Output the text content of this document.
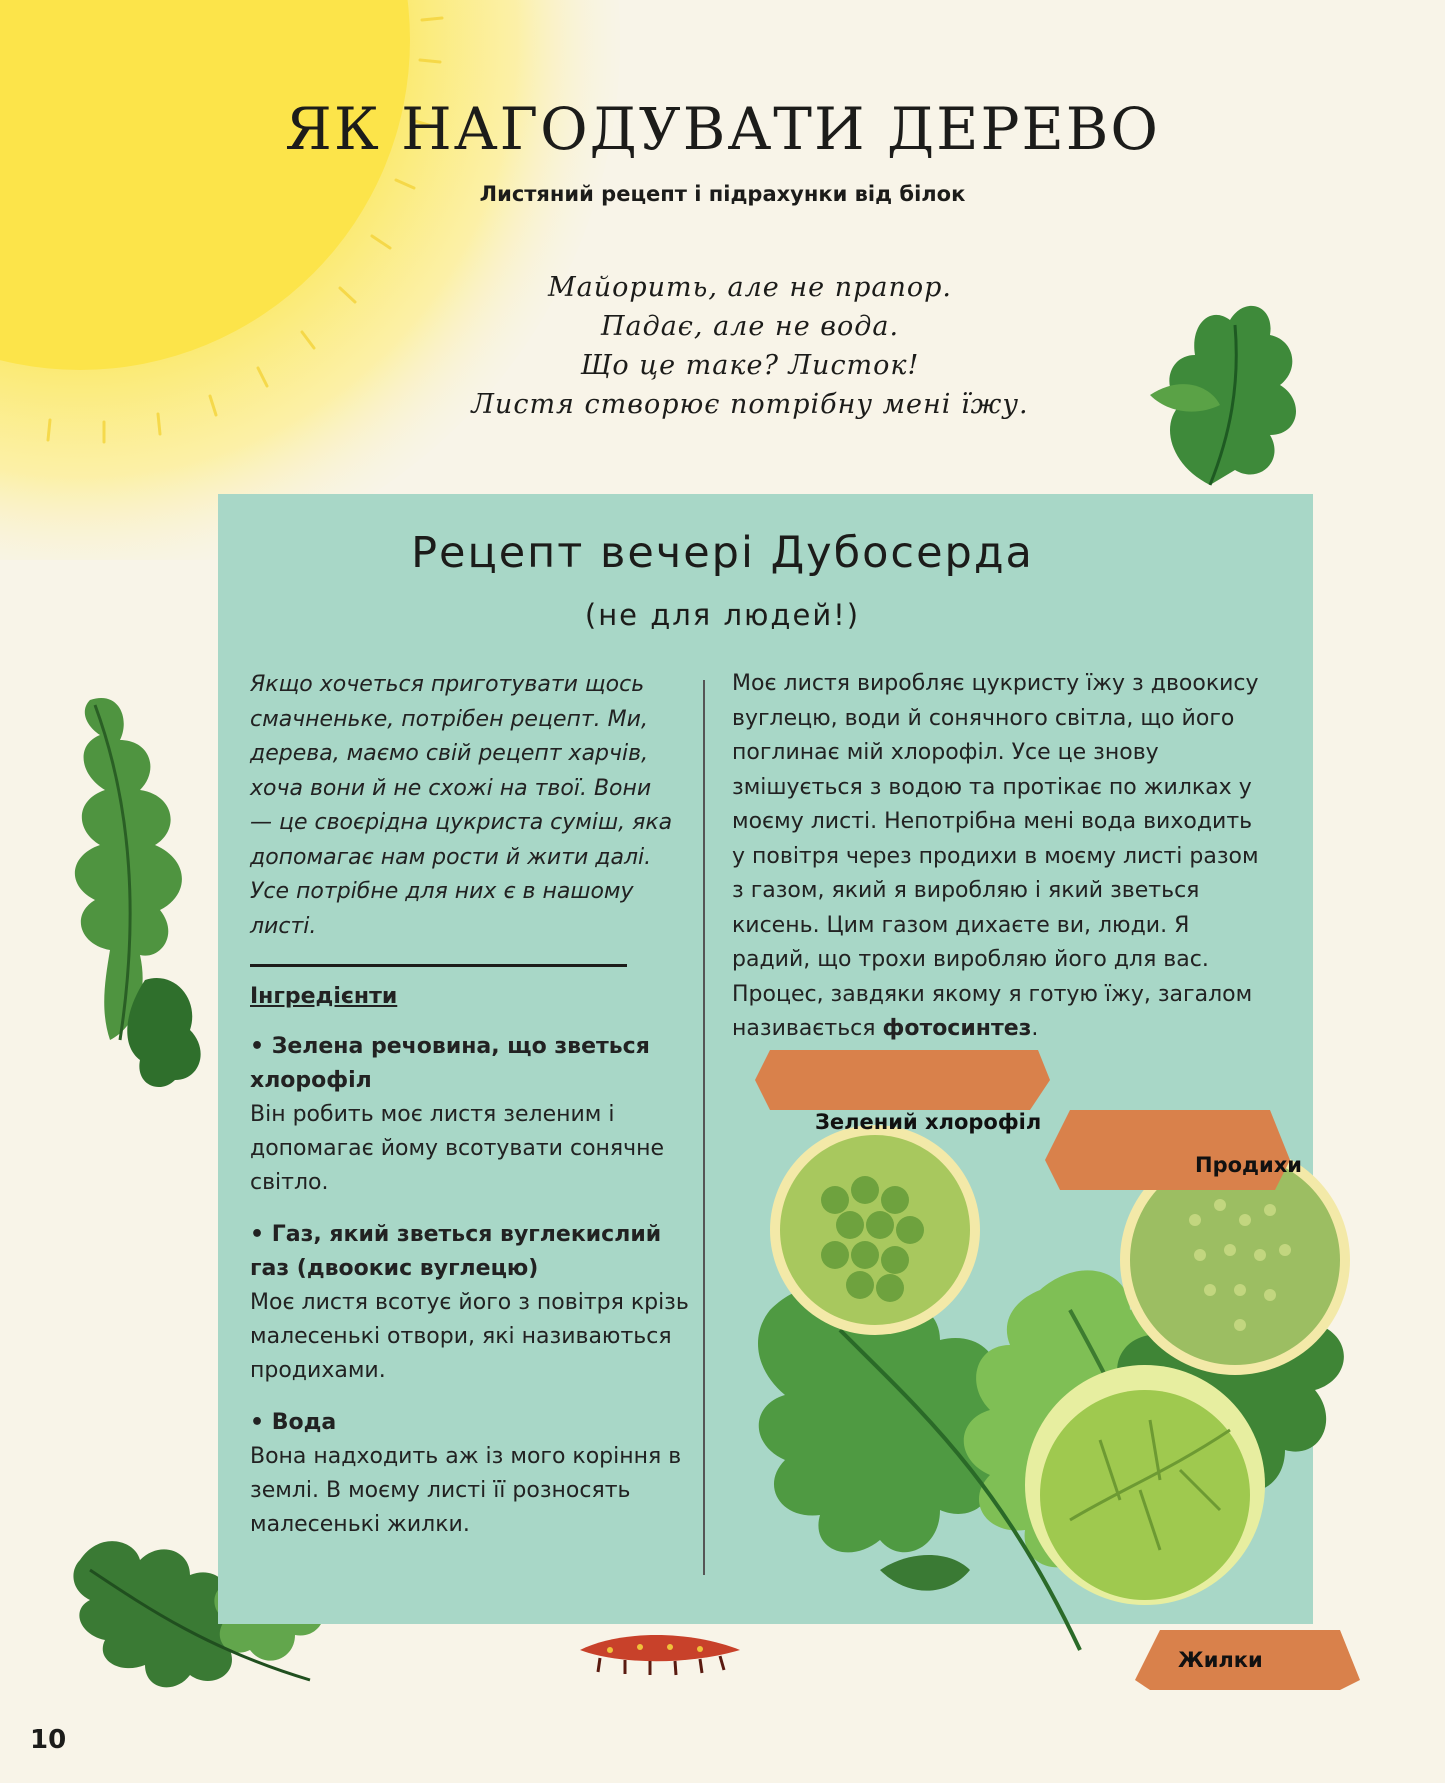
ЯК НАГОДУВАТИ ДЕРЕВО
Листяний рецепт і підрахунки від білок
Майорить, але не прапор.
Падає, але не вода.
Що це таке? Листок!
Листя створює потрібну мені їжу.
Рецепт вечері Дубосерда
(не для людей!)
Якщо хочеться приготувати щось смачненьке, потрібен рецепт. Ми, дерева, маємо свій рецепт харчів, хоча вони й не схожі на твої. Вони — це своєрідна цукриста суміш, яка допомагає нам рости й жити далі. Усе потрібне для них є в нашому листі.
Інгредієнти
• Зелена речовина, що зветься хлорофіл
Він робить моє листя зеленим і допомагає йому всотувати сонячне світло.
• Газ, який зветься вуглекислий газ (двоокис вуглецю)
Моє листя всотує його з повітря крізь малесенькі отвори, які називаються продихами.
• Вода
Вона надходить аж із мого коріння в землі. В моєму листі її розносять малесенькі жилки.
Моє листя виробляє цукристу їжу з двоокису вуглецю, води й сонячного світла, що його поглинає мій хлорофіл. Усе це знову змішується з водою та протікає по жилках у моєму листі. Непотрібна мені вода виходить у повітря через продихи в моєму листі разом з газом, який я виробляю і який зветься кисень. Цим газом дихаєте ви, люди. Я радий, що трохи виробляю його для вас. Процес, завдяки якому я готую їжу, загалом називається фотосинтез.
Зелений хлорофіл
Продихи
Жилки
10
